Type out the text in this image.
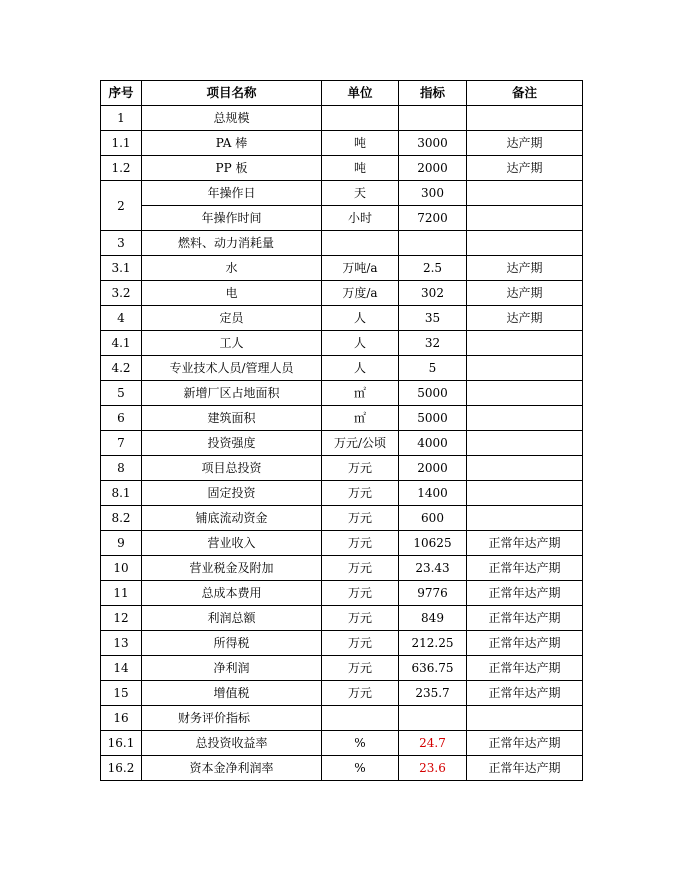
序号	项目名称	单位	指标	备注
1	总规模			
1.1	PA 棒	吨	3000	达产期
1.2	PP 板	吨	2000	达产期
2	年操作日	天	300	
	年操作时间	小时	7200	
3	燃料、动力消耗量			

3.1	水	万吨/a	2.5	达产期
3.2	电	万度/a	302	达产期
4	定员	人	35	达产期
4.1	工人	人	32	
4.2	专业技术人员/管理人员	人	5	
5	新增厂区占地面积	㎡	5000	
6	建筑面积	㎡	5000	
7	投资强度	万元/公顷	4000	
8	项目总投资	万元	2000	
8.1	固定投资	万元	1400	
8.2	铺底流动资金	万元	600	
9	营业收入	万元	10625	正常年达产期
10	营业税金及附加	万元	23.43	正常年达产期
11	总成本费用	万元	9776	正常年达产期
12	利润总额	万元	849	正常年达产期
13	所得税	万元	212.25	正常年达产期
14	净利润	万元	636.75	正常年达产期
15	增值税	万元	235.7	正常年达产期
16	财务评价指标			

16.1	总投资收益率	%	24.7	正常年达产期
16.2	资本金净利润率	%	23.6	正常年达产期
